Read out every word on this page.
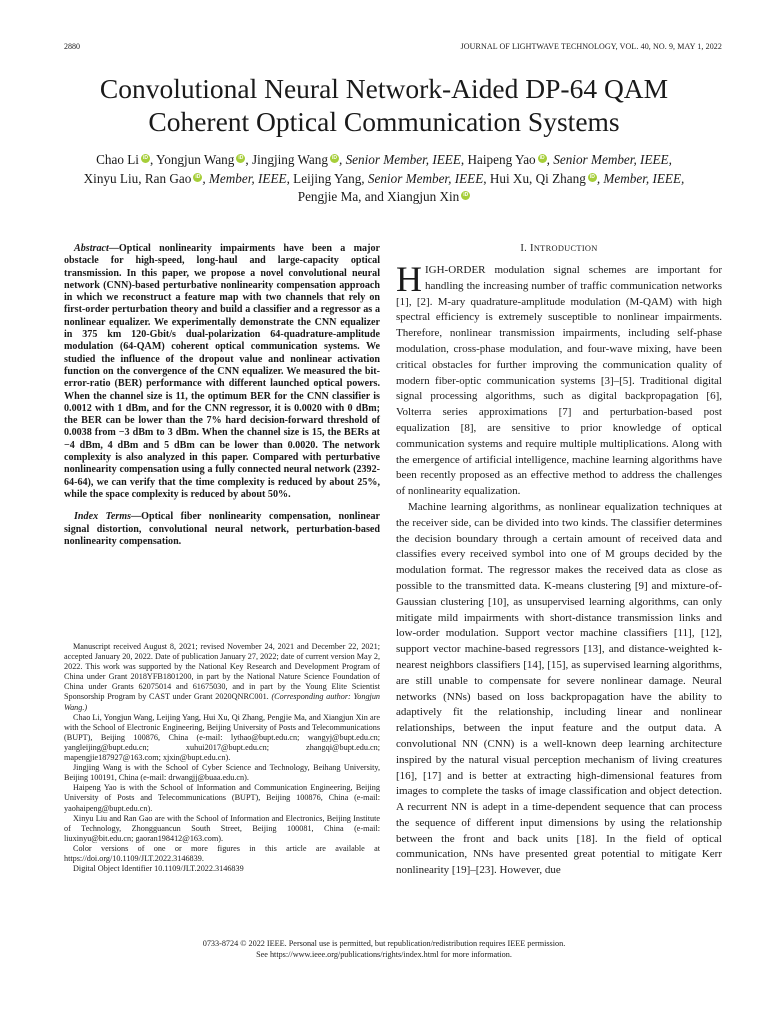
2880	JOURNAL OF LIGHTWAVE TECHNOLOGY, VOL. 40, NO. 9, MAY 1, 2022
Convolutional Neural Network-Aided DP-64 QAM
Coherent Optical Communication Systems
Chao Li iD , Yongjun Wang iD , Jingjing Wang iD , Senior Member, IEEE, Haipeng Yao iD , Senior Member, IEEE,
Xinyu Liu, Ran Gao iD , Member, IEEE, Leijing Yang, Senior Member, IEEE, Hui Xu, Qi Zhang iD , Member, IEEE,
Pengjie Ma, and Xiangjun XiniD
Abstract—Optical nonlinearity impairments have been a major obstacle for high-speed, long-haul and large-capacity optical transmission. In this paper, we propose a novel convolutional neural network (CNN)-based perturbative nonlinearity compensation approach in which we reconstruct a feature map with two channels that rely on first-order perturbation theory and build a classifier and a regressor as a nonlinear equalizer. We experimentally demonstrate the CNN equalizer in 375 km 120-Gbit/s dual-polarization 64-quadrature-amplitude modulation (64-QAM) coherent optical communication systems. We studied the influence of the dropout value and nonlinear activation function on the convergence of the CNN equalizer. We measured the bit-error-ratio (BER) performance with different launched optical powers. When the channel size is 11, the optimum BER for the CNN classifier is 0.0012 with 1 dBm, and for the CNN regressor, it is 0.0020 with 0 dBm; the BER can be lower than the 7% hard decision-forward threshold of 0.0038 from −3 dBm to 3 dBm. When the channel size is 15, the BERs at −4 dBm, 4 dBm and 5 dBm can be lower than 0.0020. The network complexity is also analyzed in this paper. Compared with perturbative nonlinearity compensation using a fully connected neural network (2392-64-64), we can verify that the time complexity is reduced by about 25%, while the space complexity is reduced by about 50%.
Index Terms—Optical fiber nonlinearity compensation, nonlinear signal distortion, convolutional neural network, perturbation-based nonlinearity compensation.

Manuscript received August 8, 2021; revised November 24, 2021 and December 22, 2021; accepted January 20, 2022. Date of publication January 27, 2022; date of current version May 2, 2022. This work was supported by the National Key Research and Development Program of China under Grant 2018YFB1801200, in part by the National Nature Science Foundation of China under Grants 62075014 and 61675030, and in part by the Young Elite Scientist Sponsorship Program by CAST under Grant 2020QNRC001. (Corresponding author: Yongjun Wang.)

Chao Li, Yongjun Wang, Leijing Yang, Hui Xu, Qi Zhang, Pengjie Ma, and Xiangjun Xin are with the School of Electronic Engineering, Beijing University of Posts and Telecommunications (BUPT), Beijing 100876, China (e-mail: lythao@bupt.edu.cn; wangyj@bupt.edu.cn; yangleijing@bupt.edu.cn; xuhui2017@bupt.edu.cn; zhangqi@bupt.edu.cn; mapengjie187927@163.com; xjxin@bupt.edu.cn).

Jingjing Wang is with the School of Cyber Science and Technology, Beihang University, Beijing 100191, China (e-mail: drwangjj@buaa.edu.cn).

Haipeng Yao is with the School of Information and Communication Engineering, Beijing University of Posts and Telecommunications (BUPT), Beijing 100876, China (e-mail: yaohaipeng@bupt.edu.cn).

Xinyu Liu and Ran Gao are with the School of Information and Electronics, Beijing Institute of Technology, Zhongguancun South Street, Beijing 100081, China (e-mail: liuxinyu@bit.edu.cn; gaoran198412@163.com).

Color versions of one or more figures in this article are available at https://doi.org/10.1109/JLT.2022.3146839.

Digital Object Identifier 10.1109/JLT.2022.3146839

I. INTRODUCTION

HIGH-ORDER modulation signal schemes are important for handling the increasing number of traffic communication networks [1], [2]. M-ary quadrature-amplitude modulation (M-QAM) with high spectral efficiency is extremely susceptible to nonlinear impairments. Therefore, nonlinear transmission impairments, including self-phase modulation, cross-phase modulation, and four-wave mixing, have been critical obstacles for further improving the communication quality of modern fiber-optic communication systems [3]–[5]. Traditional digital signal processing algorithms, such as digital backpropagation [6], Volterra series approximations [7] and perturbation-based post equalization [8], are sensitive to prior knowledge of optical communication systems and require multiple multiplications. Along with the emergence of artificial intelligence, machine learning algorithms have been recently proposed as an effective method to address the challenges of nonlinearity equalization.

Machine learning algorithms, as nonlinear equalization techniques at the receiver side, can be divided into two kinds. The classifier determines the decision boundary through a certain amount of received data and classifies every received symbol into one of M groups decided by the modulation format. The regressor makes the received data as close as possible to the transmitted data. K-means clustering [9] and mixture-of-Gaussian clustering [10], as unsupervised learning algorithms, can only mitigate mild impairments with short-distance transmission links and low-order modulation. Support vector machine classifiers [11], [12], support vector machine-based regressors [13], and distance-weighted k-nearest neighbors classifiers [14], [15], as supervised learning algorithms, are still unable to compensate for severe nonlinear damage. Neural networks (NNs) based on loss backpropagation have the ability to adaptively fit the relationship, including linear and nonlinear relationships, between the input feature and the output data. A convolutional NN (CNN) is a well-known deep learning architecture inspired by the natural visual perception mechanism of living creatures [16], [17] and is better at extracting high-dimensional features from images to complete the tasks of image classification and object detection. A recurrent NN is adept in a time-dependent sequence that can process the sequence of different input dimensions by using the relationship between the front and back units [18]. In the field of optical communication, NNs have presented great potential to mitigate Kerr nonlinearity [19]–[23]. However, due

0733-8724 © 2022 IEEE. Personal use is permitted, but republication/redistribution requires IEEE permission.
See https://www.ieee.org/publications/rights/index.html for more information.
